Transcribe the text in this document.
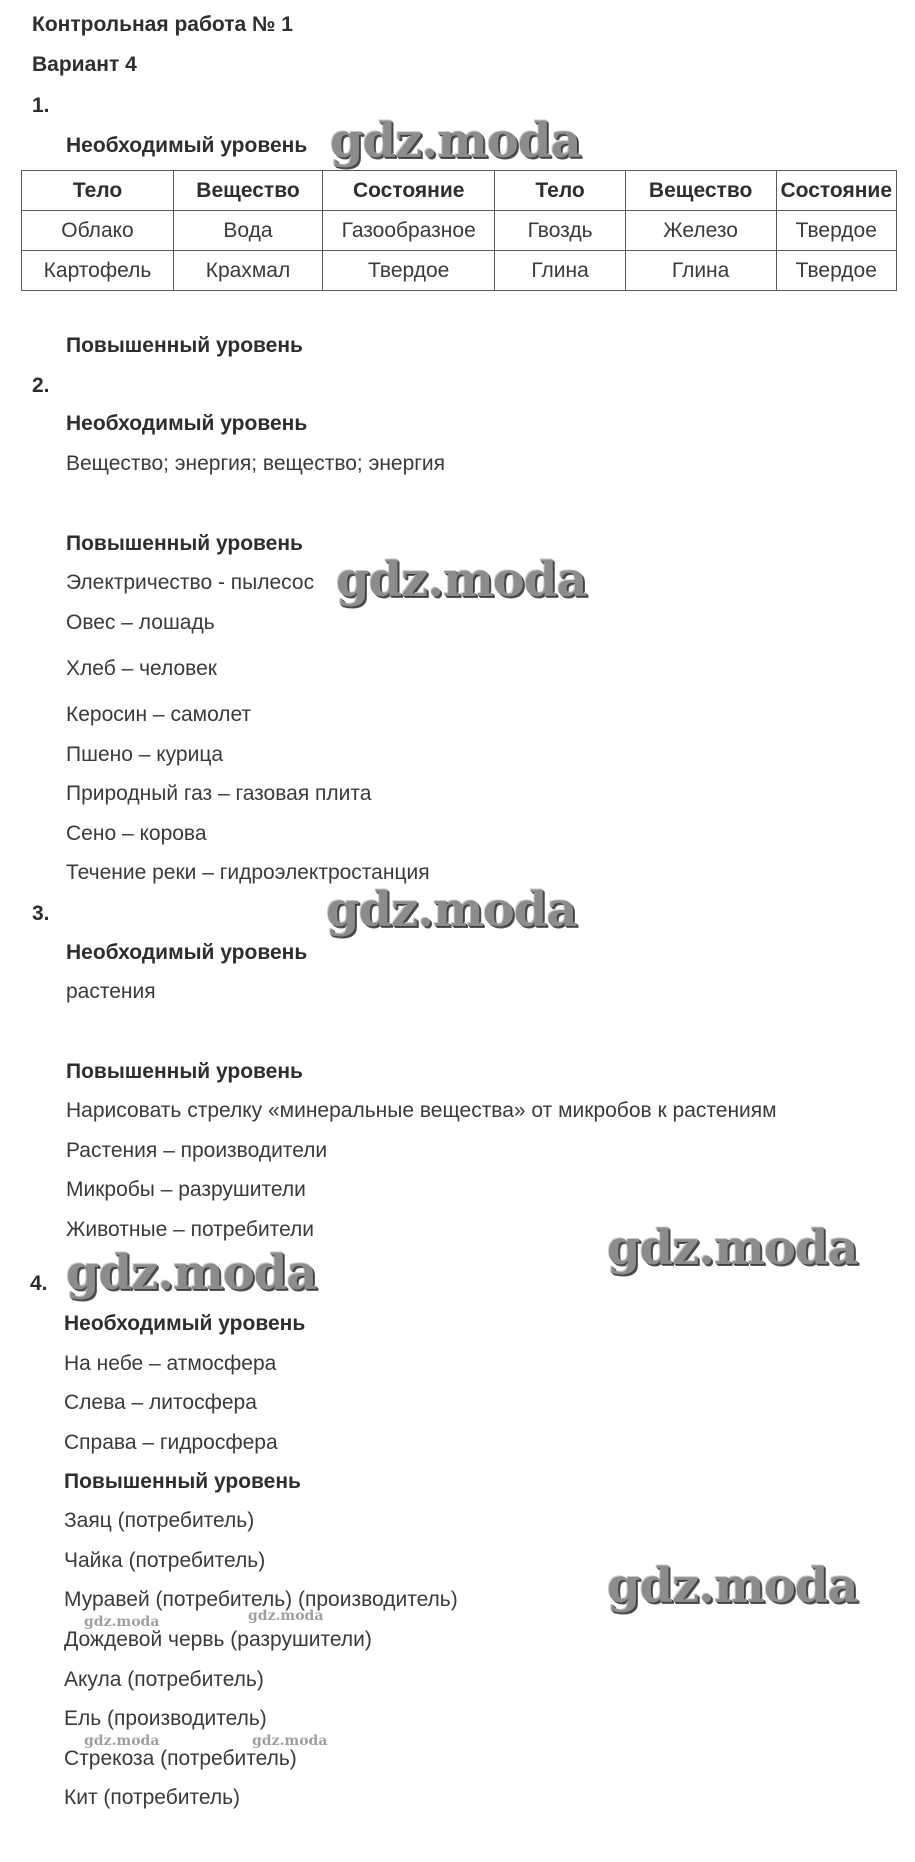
Контрольная работа № 1
Вариант 4
1.
Необходимый уровень
Тело	Вещество	Состояние	Тело	Вещество	Состояние
Облако	Вода	Газообразное	Гвоздь	Железо	Твердое
Картофель	Крахмал	Твердое	Глина	Глина	Твердое
Повышенный уровень
2.
Необходимый уровень
Вещество; энергия; вещество; энергия
Повышенный уровень
Электричество - пылесос
Овес – лошадь
Хлеб – человек
Керосин – самолет
Пшено – курица
Природный газ – газовая плита
Сено – корова
Течение реки – гидроэлектростанция
3.
Необходимый уровень
растения
Повышенный уровень
Нарисовать стрелку «минеральные вещества» от микробов к растениям
Растения – производители
Микробы – разрушители
Животные – потребители
4.
Необходимый уровень
На небе – атмосфера
Слева – литосфера
Справа – гидросфера
Повышенный уровень
Заяц (потребитель)
Чайка (потребитель)
Муравей (потребитель) (производитель)
Дождевой червь (разрушители)
Акула (потребитель)
Ель (производитель)
Стрекоза (потребитель)
Кит (потребитель)
gdz.moda
gdz.moda
gdz.moda
gdz.moda
gdz.moda
gdz.moda
gdz.moda	gdz.moda
gdz.moda	gdz.moda
